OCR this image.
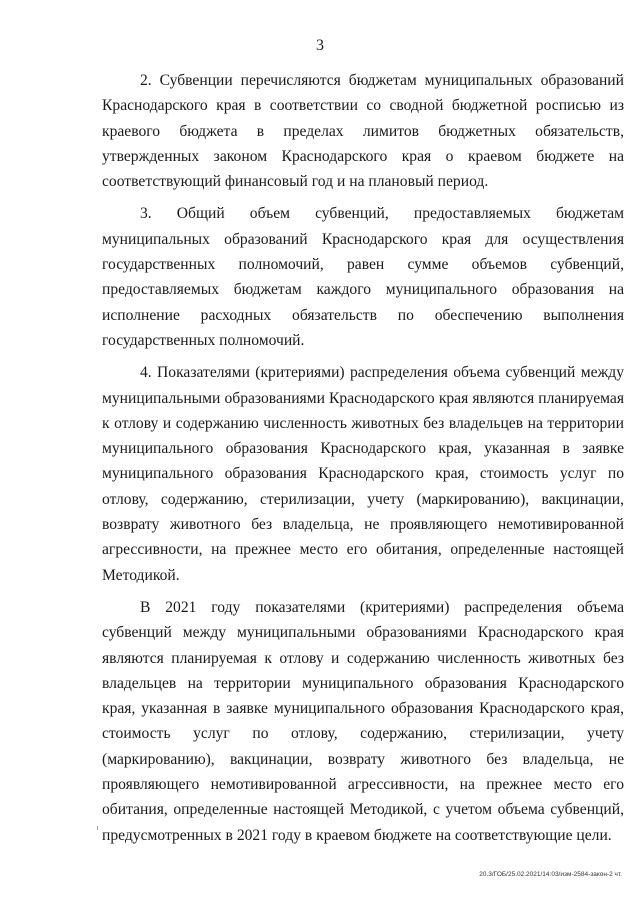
3

2. Субвенции перечисляются бюджетам муниципальных образований Краснодарского края в соответствии со сводной бюджетной росписью из краевого бюджета в пределах лимитов бюджетных обязательств, утвержденных законом Краснодарского края о краевом бюджете на соответствующий финансовый год и на плановый период.

3. Общий объем субвенций, предоставляемых бюджетам муниципальных образований Краснодарского края для осуществления государственных полномочий, равен сумме объемов субвенций, предоставляемых бюджетам каждого муниципального образования на исполнение расходных обязательств по обеспечению выполнения государственных полномочий.

4. Показателями (критериями) распределения объема субвенций между муниципальными образованиями Краснодарского края являются планируемая к отлову и содержанию численность животных без владельцев на территории муниципального образования Краснодарского края, указанная в заявке муниципального образования Краснодарского края, стоимость услуг по отлову, содержанию, стерилизации, учету (маркированию), вакцинации, возврату животного без владельца, не проявляющего немотивированной агрессивности, на прежнее место его обитания, определенные настоящей Методикой.

В 2021 году показателями (критериями) распределения объема субвенций между муниципальными образованиями Краснодарского края являются планируемая к отлову и содержанию численность животных без владельцев на территории муниципального образования Краснодарского края, указанная в заявке муниципального образования Краснодарского края, стоимость услуг по отлову, содержанию, стерилизации, учету (маркированию), вакцинации, возврату животного без владельца, не проявляющего немотивированной агрессивности, на прежнее место его обитания, определенные настоящей Методикой, с учетом объема субвенций, предусмотренных в 2021 году в краевом бюджете на соответствующие цели.

20.3/ГОБ/25.02.2021/14:03/изм-2584-закон-2 чт.
